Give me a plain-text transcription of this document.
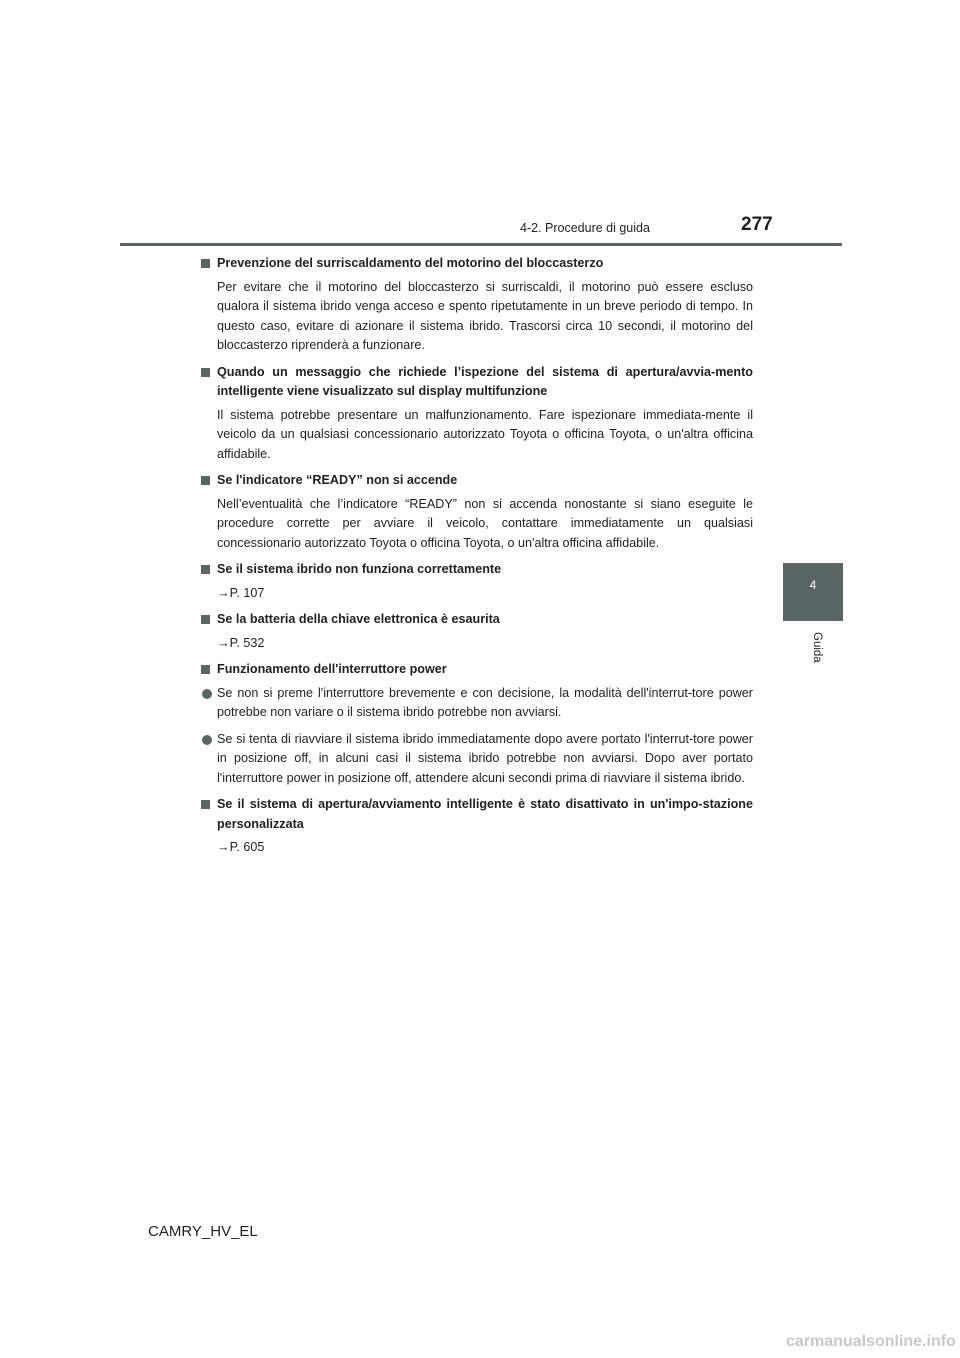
4-2. Procedure di guida	277
4
Guida
Prevenzione del surriscaldamento del motorino del bloccasterzo
Per evitare che il motorino del bloccasterzo si surriscaldi, il motorino può essere escluso qualora il sistema ibrido venga acceso e spento ripetutamente in un breve periodo di tempo. In questo caso, evitare di azionare il sistema ibrido. Trascorsi circa 10 secondi, il motorino del bloccasterzo riprenderà a funzionare.
Quando un messaggio che richiede l’ispezione del sistema di apertura/avvia-mento intelligente viene visualizzato sul display multifunzione
Il sistema potrebbe presentare un malfunzionamento. Fare ispezionare immediata-mente il veicolo da un qualsiasi concessionario autorizzato Toyota o officina Toyota, o un'altra officina affidabile.
Se l'indicatore “READY” non si accende
Nell’eventualità che l’indicatore “READY” non si accenda nonostante si siano eseguite le procedure corrette per avviare il veicolo, contattare immediatamente un qualsiasi concessionario autorizzato Toyota o officina Toyota, o un'altra officina affidabile.
Se il sistema ibrido non funziona correttamente
→P. 107
Se la batteria della chiave elettronica è esaurita
→P. 532
Funzionamento dell'interruttore power
Se non si preme l'interruttore brevemente e con decisione, la modalità dell'interrut-tore power potrebbe non variare o il sistema ibrido potrebbe non avviarsi.
Se si tenta di riavviare il sistema ibrido immediatamente dopo avere portato l'interrut-tore power in posizione off, in alcuni casi il sistema ibrido potrebbe non avviarsi. Dopo aver portato l'interruttore power in posizione off, attendere alcuni secondi prima di riavviare il sistema ibrido.
Se il sistema di apertura/avviamento intelligente è stato disattivato in un'impo-stazione personalizzata
→P. 605
CAMRY_HV_EL
carmanualsonline.info
